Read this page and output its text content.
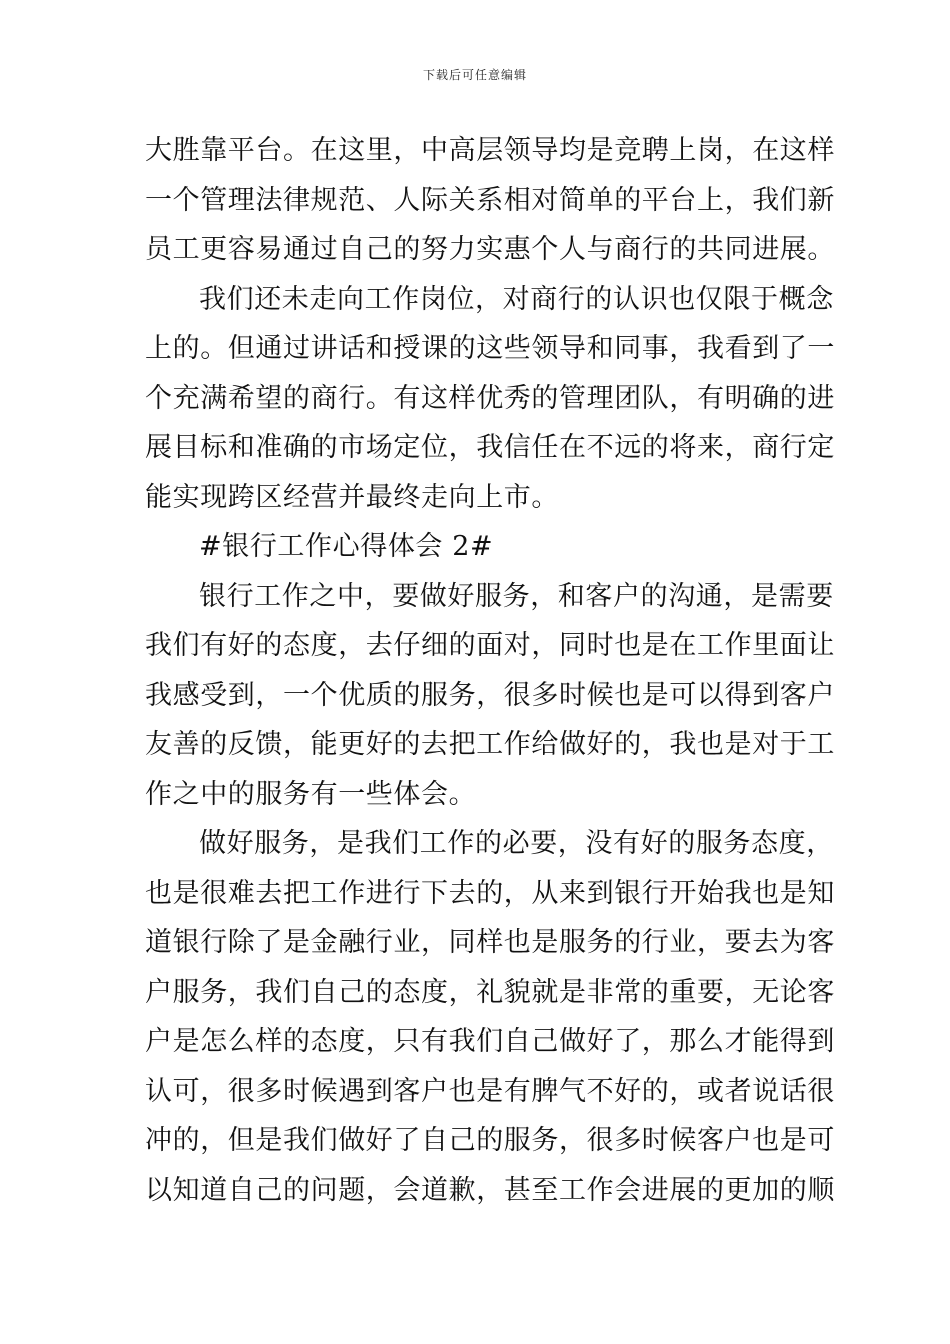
下载后可任意编辑
大胜靠平台。在这里，中高层领导均是竞聘上岗，在这样
一个管理法律规范、人际关系相对简单的平台上，我们新
员工更容易通过自己的努力实惠个人与商行的共同进展。
我们还未走向工作岗位，对商行的认识也仅限于概念
上的。但通过讲话和授课的这些领导和同事，我看到了一
个充满希望的商行。有这样优秀的管理团队，有明确的进
展目标和准确的市场定位，我信任在不远的将来，商行定
能实现跨区经营并最终走向上市。
#银行工作心得体会 2#
银行工作之中，要做好服务，和客户的沟通，是需要
我们有好的态度，去仔细的面对，同时也是在工作里面让
我感受到，一个优质的服务，很多时候也是可以得到客户
友善的反馈，能更好的去把工作给做好的，我也是对于工
作之中的服务有一些体会。
做好服务，是我们工作的必要，没有好的服务态度，
也是很难去把工作进行下去的，从来到银行开始我也是知
道银行除了是金融行业，同样也是服务的行业，要去为客
户服务，我们自己的态度，礼貌就是非常的重要，无论客
户是怎么样的态度，只有我们自己做好了，那么才能得到
认可，很多时候遇到客户也是有脾气不好的，或者说话很
冲的，但是我们做好了自己的服务，很多时候客户也是可
以知道自己的问题，会道歉，甚至工作会进展的更加的顺
